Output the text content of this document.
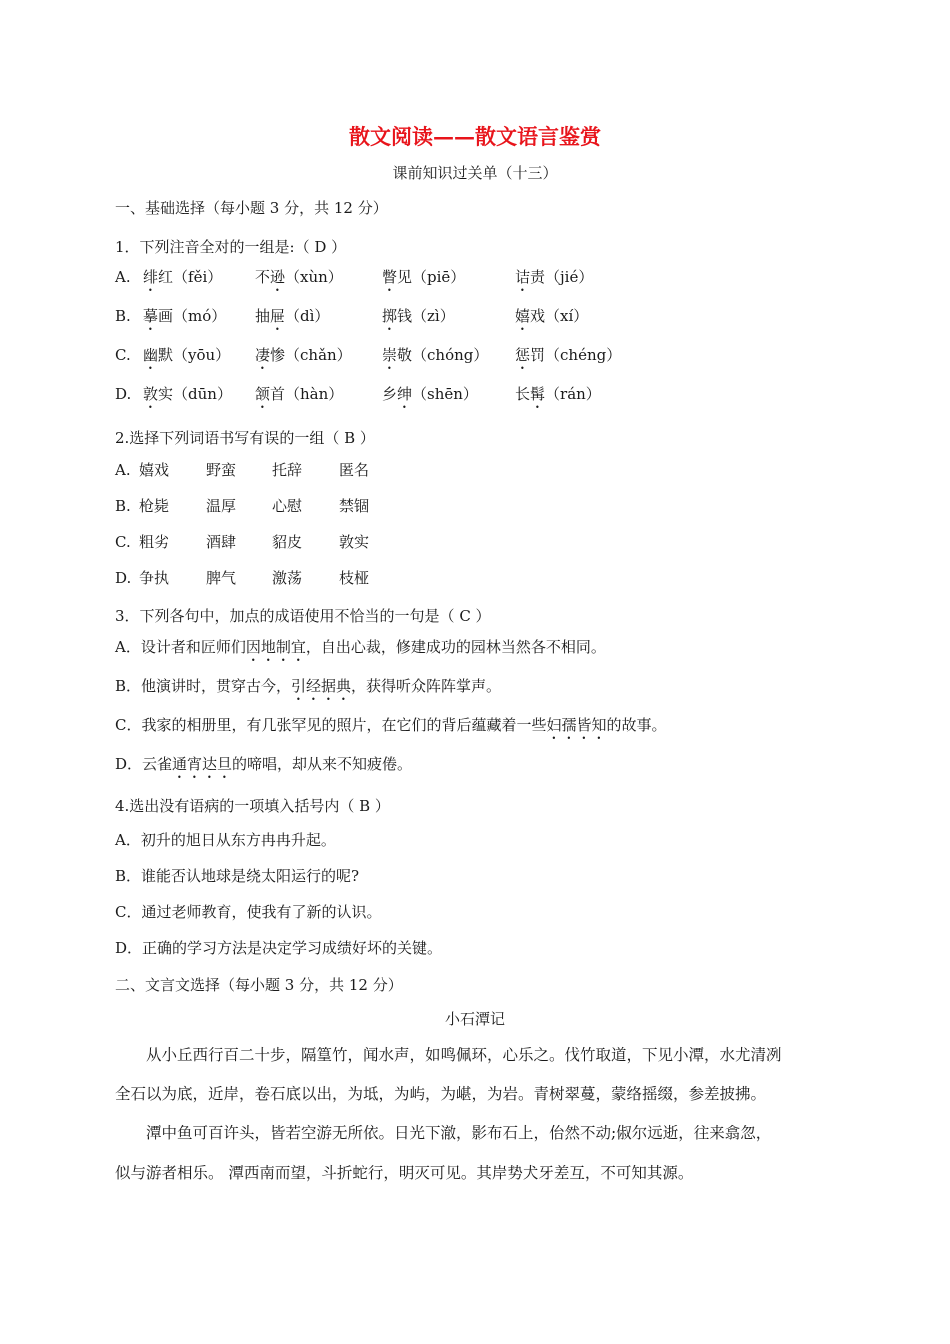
散文阅读——散文语言鉴赏
课前知识过关单（十三）
一、基础选择（每小题 3 分，共 12 分）
1．下列注音全对的一组是:（ D ）
A. 绯红（fěi） 不逊（xùn）	瞥见（piē）	诘责（jié）
B. 摹画（mó） 抽屉（dì）	掷钱（zì）	嬉戏（xí）
C. 幽默（yōu） 凄惨（chǎn） 崇敬（chóng） 惩罚（chéng）
D. 敦实（dūn） 颔首（hàn）	乡绅（shēn） 长髯（rán）
2.选择下列词语书写有误的一组（ B ）
A. 嬉戏 野蛮 托辞 匿名
B. 枪毙 温厚 心慰 禁锢
C. 粗劣 酒肆 貂皮 敦实
D. 争执 脾气 激荡 枝桠
3．下列各句中，加点的成语使用不恰当的一句是（ C ）
A．设计者和匠师们因地制宜，自出心裁，修建成功的园林当然各不相同。
B．他演讲时，贯穿古今，引经据典，获得听众阵阵掌声。
C．我家的相册里，有几张罕见的照片，在它们的背后蕴藏着一些妇孺皆知的故事。
D．云雀通宵达旦的啼唱，却从来不知疲倦。
4.选出没有语病的一项填入括号内（ B ）
A．初升的旭日从东方冉冉升起。
B．谁能否认地球是绕太阳运行的呢?
C．通过老师教育，使我有了新的认识。
D．正确的学习方法是决定学习成绩好坏的关键。
二、文言文选择（每小题 3 分，共 12 分）
小石潭记
从小丘西行百二十步，隔篁竹，闻水声，如鸣佩环，心乐之。伐竹取道，下见小潭，水尤清冽
全石以为底，近岸，卷石底以出，为坻，为屿，为嵁，为岩。青树翠蔓，蒙络摇缀，参差披拂。
潭中鱼可百许头，皆若空游无所依。日光下澈，影布石上，佁然不动;俶尔远逝，往来翕忽，
似与游者相乐。 潭西南而望，斗折蛇行，明灭可见。其岸势犬牙差互，不可知其源。
